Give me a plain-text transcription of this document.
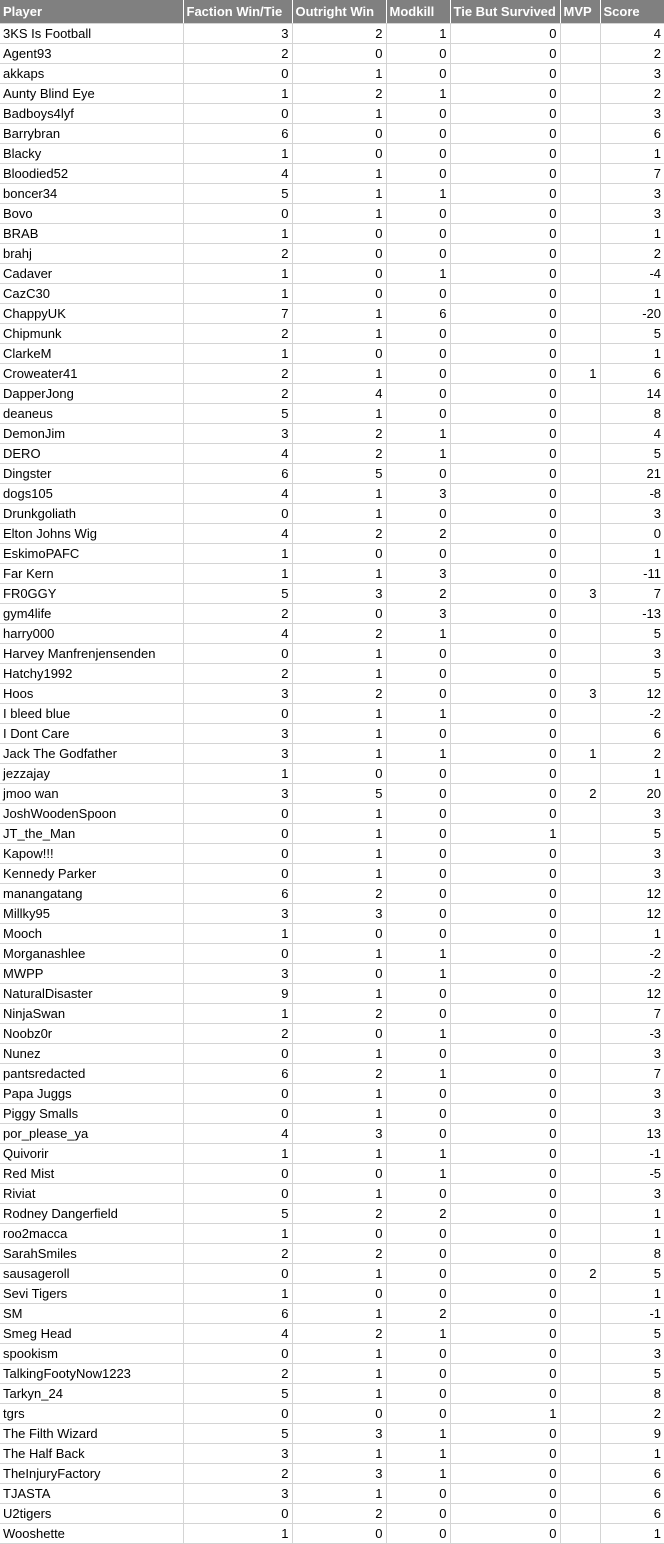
Player	Faction Win/Tie	Outright Win	Modkill	Tie But Survived	MVP	Score
3KS Is Football	3	2	1	0		4
Agent93	2	0	0	0		2
akkaps	0	1	0	0		3
Aunty Blind Eye	1	2	1	0		2
Badboys4lyf	0	1	0	0		3
Barrybran	6	0	0	0		6
Blacky	1	0	0	0		1
Bloodied52	4	1	0	0		7
boncer34	5	1	1	0		3
Bovo	0	1	0	0		3
BRAB	1	0	0	0		1
brahj	2	0	0	0		2
Cadaver	1	0	1	0		-4
CazC30	1	0	0	0		1
ChappyUK	7	1	6	0		-20
Chipmunk	2	1	0	0		5
ClarkeM	1	0	0	0		1
Croweater41	2	1	0	0	1	6
DapperJong	2	4	0	0		14
deaneus	5	1	0	0		8
DemonJim	3	2	1	0		4
DERO	4	2	1	0		5
Dingster	6	5	0	0		21
dogs105	4	1	3	0		-8
Drunkgoliath	0	1	0	0		3
Elton Johns Wig	4	2	2	0		0
EskimoPAFC	1	0	0	0		1
Far Kern	1	1	3	0		-11
FR0GGY	5	3	2	0	3	7
gym4life	2	0	3	0		-13
harry000	4	2	1	0		5
Harvey Manfrenjensenden	0	1	0	0		3
Hatchy1992	2	1	0	0		5
Hoos	3	2	0	0	3	12
I bleed blue	0	1	1	0		-2
I Dont Care	3	1	0	0		6
Jack The Godfather	3	1	1	0	1	2
jezzajay	1	0	0	0		1
jmoo wan	3	5	0	0	2	20
JoshWoodenSpoon	0	1	0	0		3
JT_the_Man	0	1	0	1		5
Kapow!!!	0	1	0	0		3
Kennedy Parker	0	1	0	0		3
manangatang	6	2	0	0		12
Millky95	3	3	0	0		12
Mooch	1	0	0	0		1
Morganashlee	0	1	1	0		-2
MWPP	3	0	1	0		-2
NaturalDisaster	9	1	0	0		12
NinjaSwan	1	2	0	0		7
Noobz0r	2	0	1	0		-3
Nunez	0	1	0	0		3
pantsredacted	6	2	1	0		7
Papa Juggs	0	1	0	0		3
Piggy Smalls	0	1	0	0		3
por_please_ya	4	3	0	0		13
Quivorir	1	1	1	0		-1
Red Mist	0	0	1	0		-5
Riviat	0	1	0	0		3
Rodney Dangerfield	5	2	2	0		1
roo2macca	1	0	0	0		1
SarahSmiles	2	2	0	0		8
sausageroll	0	1	0	0	2	5
Sevi Tigers	1	0	0	0		1
SM	6	1	2	0		-1
Smeg Head	4	2	1	0		5
spookism	0	1	0	0		3
TalkingFootyNow1223	2	1	0	0		5
Tarkyn_24	5	1	0	0		8
tgrs	0	0	0	1		2
The Filth Wizard	5	3	1	0		9
The Half Back	3	1	1	0		1
TheInjuryFactory	2	3	1	0		6
TJASTA	3	1	0	0		6
U2tigers	0	2	0	0		6
Wooshette	1	0	0	0		1
